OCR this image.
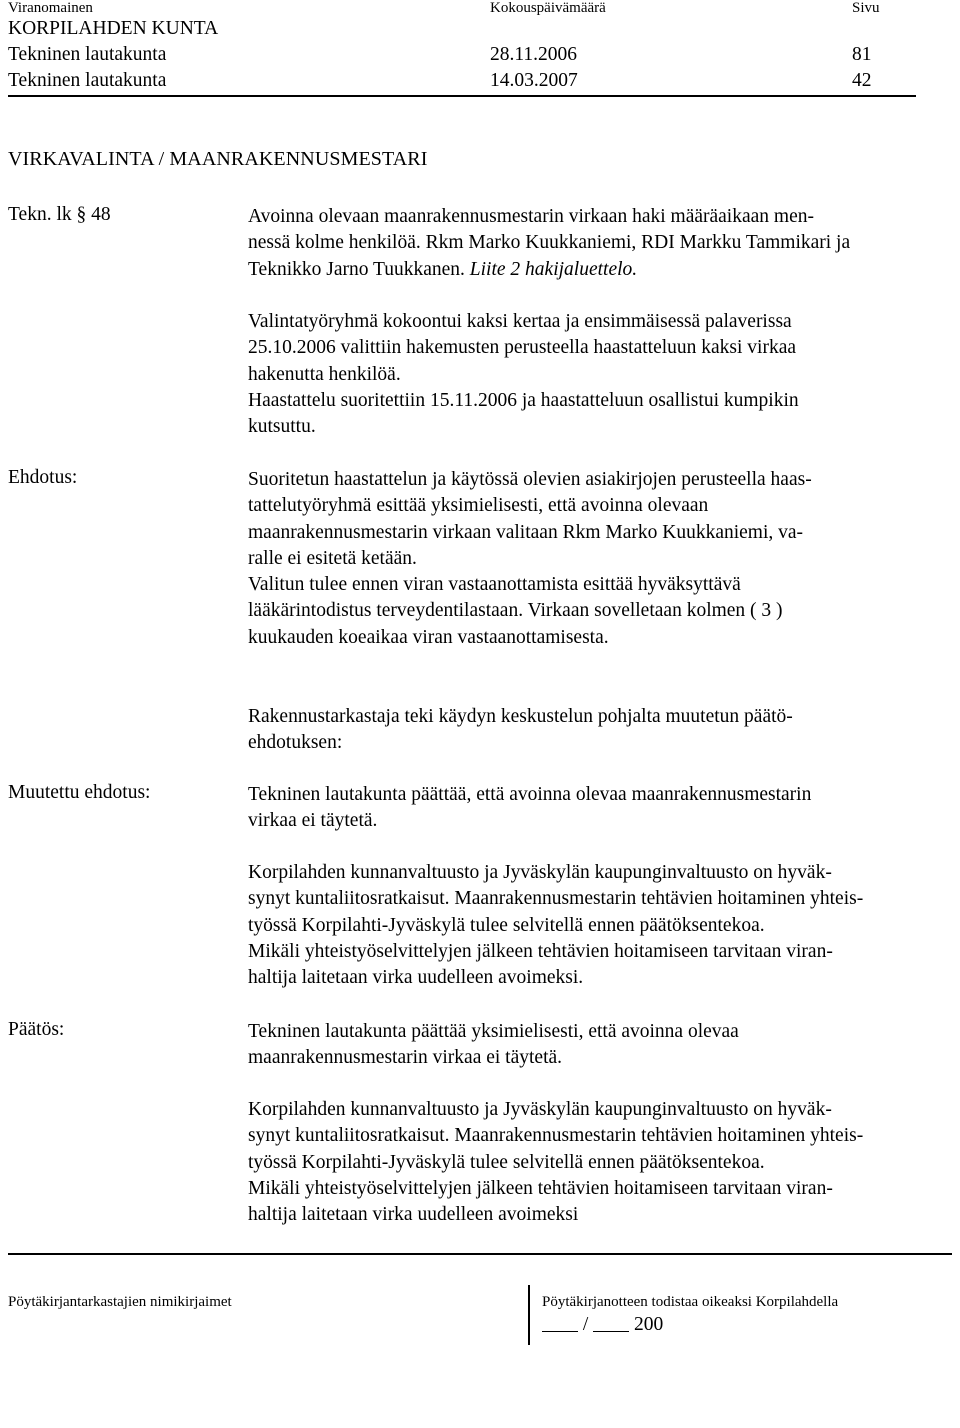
Viranomainen	Kokouspäivämäärä	Sivu
KORPILAHDEN KUNTA
Tekninen lautakunta	28.11.2006	81
Tekninen lautakunta	14.03.2007	42
VIRKAVALINTA / MAANRAKENNUSMESTARI
Tekn. lk § 48	Avoinna olevaan maanrakennusmestarin virkaan haki määräaikaan men-
nessä kolme henkilöä. Rkm Marko Kuukkaniemi, RDI Markku Tammikari ja
Teknikko Jarno Tuukkanen. Liite 2 hakijaluettelo.
Valintatyöryhmä kokoontui kaksi kertaa ja ensimmäisessä palaverissa
25.10.2006 valittiin hakemusten perusteella haastatteluun kaksi virkaa
hakenutta henkilöä.
Haastattelu suoritettiin 15.11.2006 ja haastatteluun osallistui kumpikin
kutsuttu.
Ehdotus:	Suoritetun haastattelun ja käytössä olevien asiakirjojen perusteella haas-
tattelutyöryhmä esittää yksimielisesti, että avoinna olevaan
maanrakennusmestarin virkaan valitaan Rkm Marko Kuukkaniemi, va-
ralle ei esitetä ketään.
Valitun tulee ennen viran vastaanottamista esittää hyväksyttävä
lääkärintodistus terveydentilastaan. Virkaan sovelletaan kolmen ( 3 )
kuukauden koeaikaa viran vastaanottamisesta.
Rakennustarkastaja teki käydyn keskustelun pohjalta muutetun päätö-
ehdotuksen:
Muutettu ehdotus:	Tekninen lautakunta päättää, että avoinna olevaa maanrakennusmestarin
virkaa ei täytetä.
Korpilahden kunnanvaltuusto ja Jyväskylän kaupunginvaltuusto on hyväk-
synyt kuntaliitosratkaisut. Maanrakennusmestarin tehtävien hoitaminen yhteis-
työssä Korpilahti-Jyväskylä tulee selvitellä ennen päätöksentekoa.
Mikäli yhteistyöselvittelyjen jälkeen tehtävien hoitamiseen tarvitaan viran-
haltija laitetaan virka uudelleen avoimeksi.
Päätös:	Tekninen lautakunta päättää yksimielisesti, että avoinna olevaa
maanrakennusmestarin virkaa ei täytetä.
Korpilahden kunnanvaltuusto ja Jyväskylän kaupunginvaltuusto on hyväk-
synyt kuntaliitosratkaisut. Maanrakennusmestarin tehtävien hoitaminen yhteis-
työssä Korpilahti-Jyväskylä tulee selvitellä ennen päätöksentekoa.
Mikäli yhteistyöselvittelyjen jälkeen tehtävien hoitamiseen tarvitaan viran-
haltija laitetaan virka uudelleen avoimeksi
Pöytäkirjantarkastajien nimikirjaimet	Pöytäkirjanotteen todistaa oikeaksi Korpilahdella
/ 200
